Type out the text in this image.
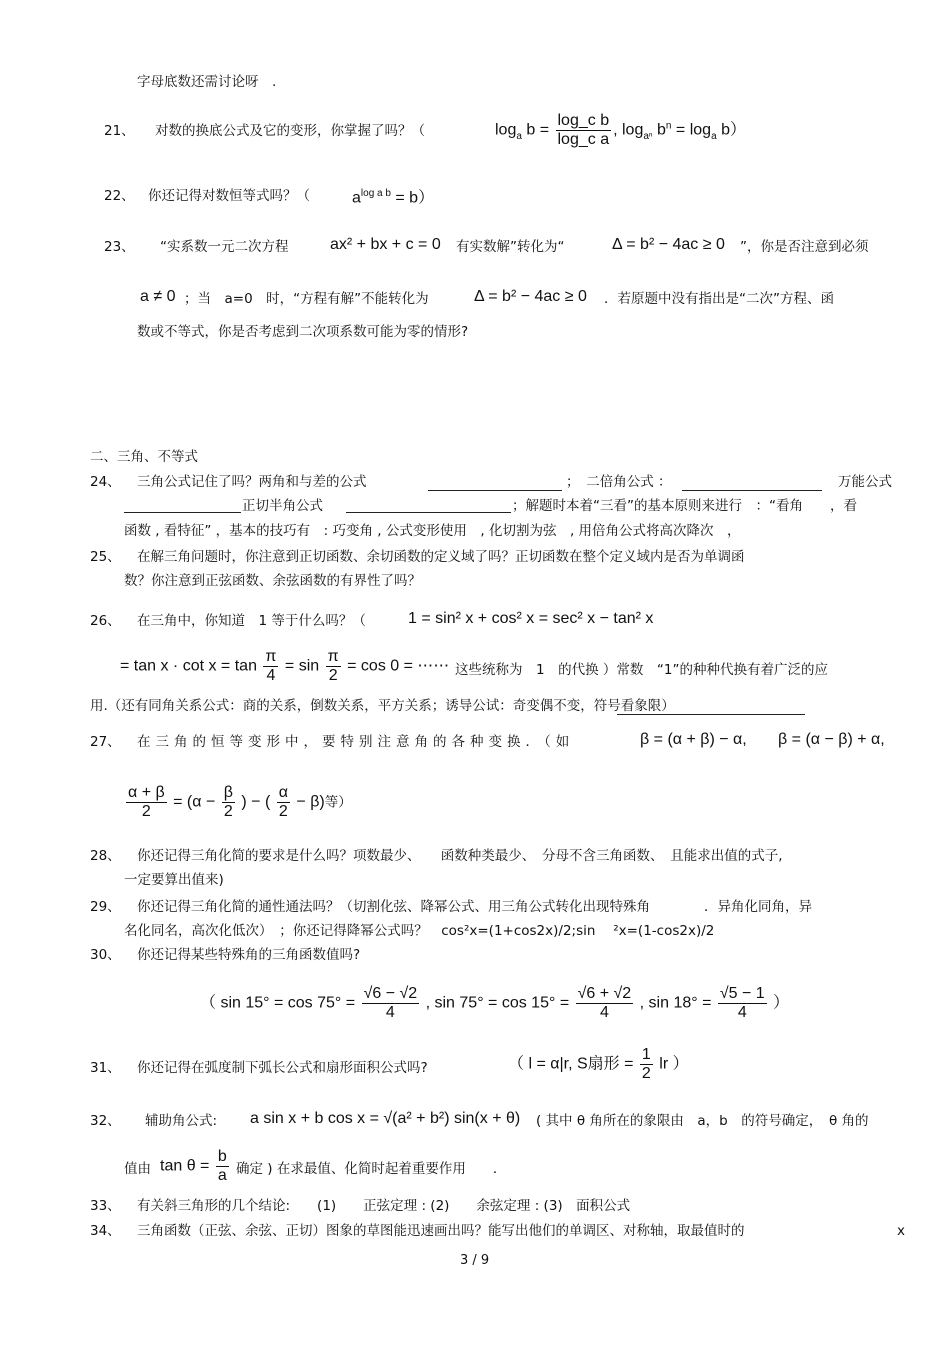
字母底数还需讨论呀　.
21、 对数的换底公式及它的变形，你掌握了吗？（	$\log_a b = \frac{\text{log\_c b}}{\text{log\_c a}}$ , $\log_{a^n} b^n = \log_a b$）
22、 你还记得对数恒等式吗？（	$a^{log a b} = b$）
23、 “实系数一元二次方程	ax² + bx + c = 0 有实数解”转化为“	Δ = b² − 4ac ≥ 0 ”，你是否注意到必须
a ≠ 0 ；当　a=0　时，“方程有解”不能转化为	Δ = b² − 4ac ≥ 0 ．若原题中没有指出是“二次”方程、函
数或不等式，你是否考虑到二次项系数可能为零的情形?
二、三角、不等式
24、 三角公式记住了吗？两角和与差的公式	；　二倍角公式 ：	万能公式
正切半角公式	；解题时本着“三看”的基本原则来进行　：“看角　　，看
函数 , 看特征” ，基本的技巧有　: 巧变角 , 公式变形使用　, 化切割为弦　, 用倍角公式将高次降次　，
25、 在解三角问题时，你注意到正切函数、余切函数的定义域了吗？正切函数在整个定义域内是否为单调函
数？你注意到正弦函数、余弦函数的有界性了吗？
26、 在三角中，你知道　1 等于什么吗？（	1 = sin² x + cos² x = sec² x − tan² x
= $\tan x \cdot \cot x = \tan \frac{\pi}{4} = \sin \frac{\pi}{2} = \cos 0$ = ⋯⋯ 这些统称为　1　的代换 ）常数　“1”的种种代换有着广泛的应
用.（还有同角关系公式：商的关系，倒数关系，平方关系；诱导公试：奇变偶不变，符号看象限）
27、 在三角的恒等变形中，要特别注意角的各种变换．（如	β = (α + β) − α, β = (α − β) + α,
$\frac{\alpha + \beta}{2} = (\alpha - \frac{\beta}{2}$ ) − ( $\frac{\alpha}{2} - \beta$)等）
28、 你还记得三角化简的要求是什么吗？项数最少、　　函数种类最少、　分母不含三角函数、　且能求出值的式子,
一定要算出值来)
29、 你还记得三角化简的通性通法吗？（切割化弦、降幂公式、用三角公式转化出现特殊角　　　　．异角化同角，异
名化同名，高次化低次）　；你还记得降幂公式吗？　cos²x=(1+cos2x)/2;sin　 ²x=(1-cos2x)/2
30、 你还记得某些特殊角的三角函数值吗?
（ $\sin 15^\circ = \cos 75^\circ = \frac{√6 - √2}{4}$ , $\sin 75^\circ = \cos 15^\circ = \frac{√6 + √2}{4}$ , $\sin 18^\circ = \frac{√5 - 1}{4}$ ）
31、 你还记得在弧度制下弧长公式和扇形面积公式吗?	（ l = α|r, S扇形 = $\frac{1}{2}$ lr ）
32、 辅助角公式: a sin x + b cos x = √(a² + b²) sin(x + θ) ( 其中 θ 角所在的象限由　a，b　的符号确定，　θ 角的
值由 $\tan \theta = \frac{b}{a}$ 确定 ) 在求最值、化简时起着重要作用　　．
33、 有关斜三角形的几个结论:　　(1)　　正弦定理 : (2)　　余弦定理 : (3)　面积公式
34、 三角函数（正弦、余弦、正切）图象的草图能迅速画出吗？能写出他们的单调区、对称轴，取最值时的	x
3 / 9
